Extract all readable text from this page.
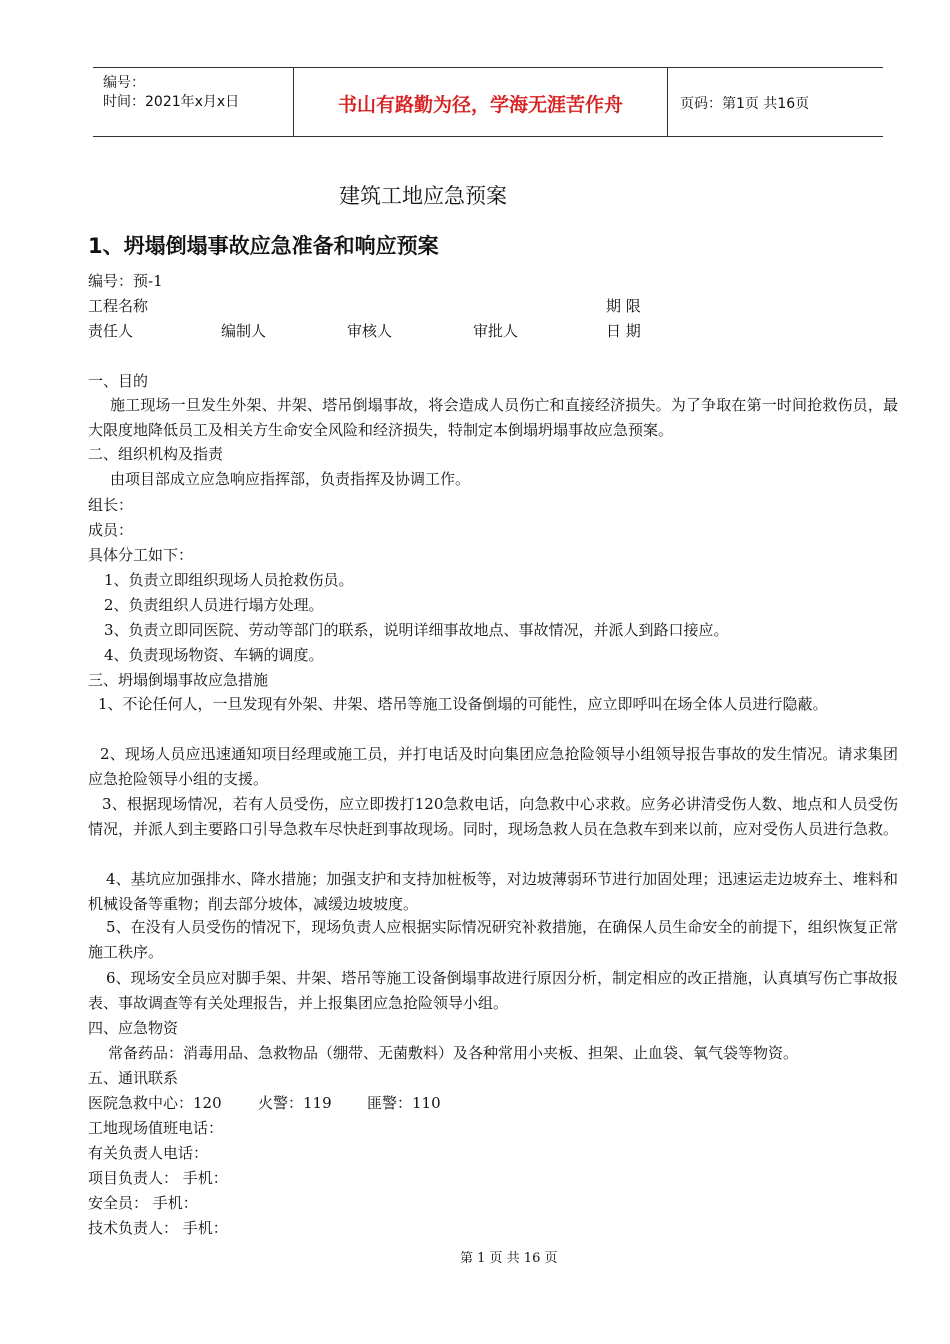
编号：
时间：2021年x月x日	书山有路勤为径，学海无涯苦作舟	页码：第1页 共16页
建筑工地应急预案
1、坍塌倒塌事故应急准备和响应预案
编号：预-1
工程名称	期 限
责任人	编制人	审核人	审批人	日 期
一、目的
施工现场一旦发生外架、井架、塔吊倒塌事故，将会造成人员伤亡和直接经济损失。为了争取在第一时间抢救伤员，最大限度地降低员工及相关方生命安全风险和经济损失，特制定本倒塌坍塌事故应急预案。
二、组织机构及指责
由项目部成立应急响应指挥部，负责指挥及协调工作。
组长：
成员：
具体分工如下：
1、负责立即组织现场人员抢救伤员。
2、负责组织人员进行塌方处理。
3、负责立即同医院、劳动等部门的联系，说明详细事故地点、事故情况，并派人到路口接应。
4、负责现场物资、车辆的调度。
三、坍塌倒塌事故应急措施
1、不论任何人，一旦发现有外架、井架、塔吊等施工设备倒塌的可能性，应立即呼叫在场全体人员进行隐蔽。
2、现场人员应迅速通知项目经理或施工员，并打电话及时向集团应急抢险领导小组领导报告事故的发生情况。请求集团应急抢险领导小组的支援。
3、根据现场情况，若有人员受伤，应立即拨打120急救电话，向急救中心求救。应务必讲清受伤人数、地点和人员受伤情况，并派人到主要路口引导急救车尽快赶到事故现场。同时，现场急救人员在急救车到来以前，应对受伤人员进行急救。
4、基坑应加强排水、降水措施；加强支护和支持加桩板等，对边坡薄弱环节进行加固处理；迅速运走边坡弃土、堆料和机械设备等重物；削去部分坡体，减缓边坡坡度。
5、在没有人员受伤的情况下，现场负责人应根据实际情况研究补救措施，在确保人员生命安全的前提下，组织恢复正常施工秩序。
6、现场安全员应对脚手架、井架、塔吊等施工设备倒塌事故进行原因分析，制定相应的改正措施，认真填写伤亡事故报表、事故调查等有关处理报告，并上报集团应急抢险领导小组。
四、应急物资
常备药品：消毒用品、急救物品（绷带、无菌敷料）及各种常用小夹板、担架、止血袋、氧气袋等物资。
五、通讯联系
医院急救中心：120 火警：119 匪警：110
工地现场值班电话：
有关负责人电话：
项目负责人： 手机：
安全员： 手机：
技术负责人： 手机：
第 1 页 共 16 页
